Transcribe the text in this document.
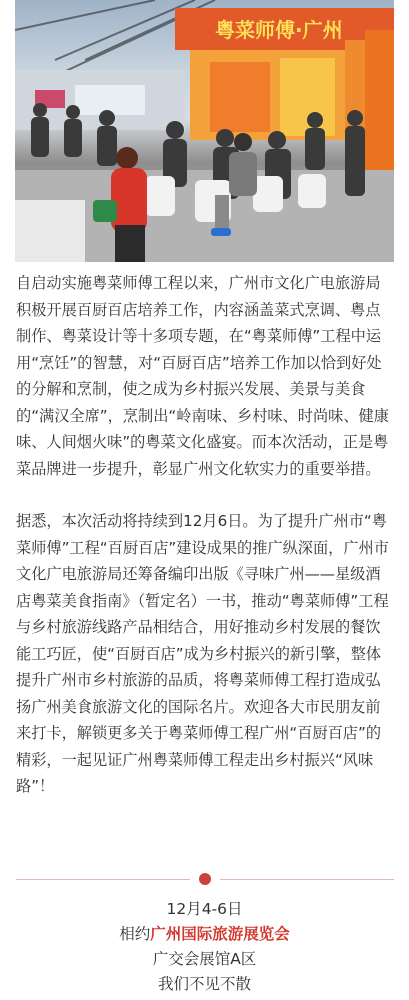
粤菜师傅·广州

自启动实施粤菜师傅工程以来，广州市文化广电旅游局积极开展百厨百店培养工作，内容涵盖菜式烹调、粤点制作、粤菜设计等十多项专题，在“粤菜师傅”工程中运用“烹饪”的智慧，对“百厨百店”培养工作加以恰到好处的分解和烹制，使之成为乡村振兴发展、美景与美食的“满汉全席”，烹制出“岭南味、乡村味、时尚味、健康味、人间烟火味”的粤菜文化盛宴。而本次活动，正是粤菜品牌进一步提升，彰显广州文化软实力的重要举措。

据悉，本次活动将持续到12月6日。为了提升广州市“粤菜师傅”工程“百厨百店”建设成果的推广纵深面，广州市文化广电旅游局还筹备编印出版《寻味广州——星级酒店粤菜美食指南》（暂定名）一书，推动“粤菜师傅”工程与乡村旅游线路产品相结合，用好推动乡村发展的餐饮能工巧匠，使“百厨百店”成为乡村振兴的新引擎，整体提升广州市乡村旅游的品质，将粤菜师傅工程打造成弘扬广州美食旅游文化的国际名片。欢迎各大市民朋友前来打卡，解锁更多关于粤菜师傅工程广州“百厨百店”的精彩，一起见证广州粤菜师傅工程走出乡村振兴“风味路”！

12月4-6日
相约广州国际旅游展览会
广交会展馆A区
我们不见不散
